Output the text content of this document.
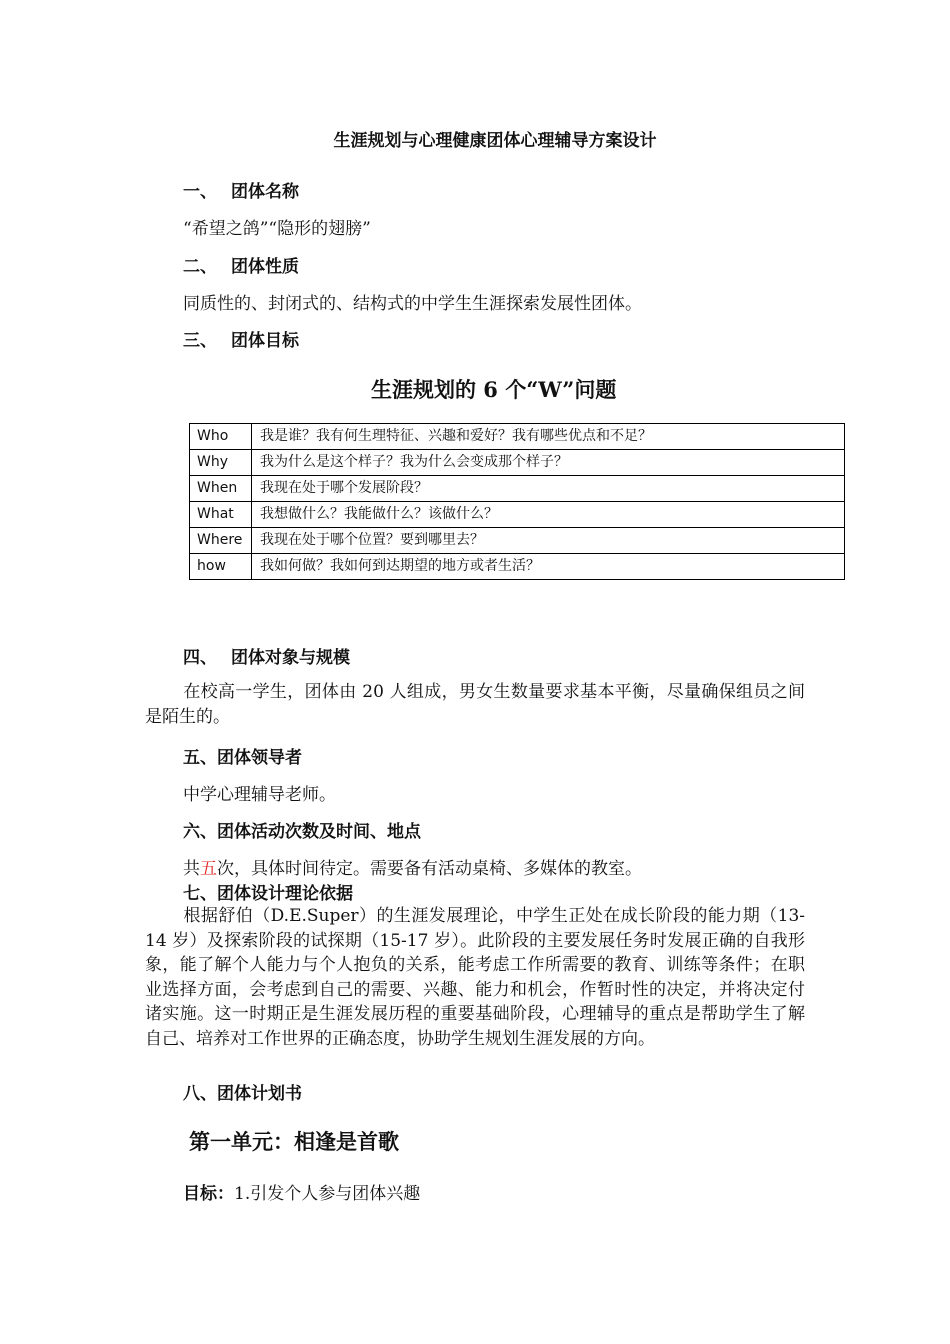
生涯规划与心理健康团体心理辅导方案设计
一、 团体名称
“希望之鸽”“隐形的翅膀”
二、 团体性质
同质性的、封闭式的、结构式的中学生生涯探索发展性团体。
三、 团体目标
生涯规划的 6 个“W”问题
Who	我是谁？我有何生理特征、兴趣和爱好？我有哪些优点和不足？
Why	我为什么是这个样子？我为什么会变成那个样子？
When	我现在处于哪个发展阶段？
What	我想做什么？我能做什么？该做什么？
Where	我现在处于哪个位置？要到哪里去？
how	我如何做？我如何到达期望的地方或者生活？
四、 团体对象与规模
在校高一学生，团体由 20 人组成，男女生数量要求基本平衡，尽量确保组员之间是陌生的。
五、团体领导者
中学心理辅导老师。
六、团体活动次数及时间、地点
共五次，具体时间待定。需要备有活动桌椅、多媒体的教室。
七、团体设计理论依据
根据舒伯（D.E.Super）的生涯发展理论，中学生正处在成长阶段的能力期（13-14 岁）及探索阶段的试探期（15-17 岁）。此阶段的主要发展任务时发展正确的自我形象，能了解个人能力与个人抱负的关系，能考虑工作所需要的教育、训练等条件；在职业选择方面，会考虑到自己的需要、兴趣、能力和机会，作暂时性的决定，并将决定付诸实施。这一时期正是生涯发展历程的重要基础阶段，心理辅导的重点是帮助学生了解自己、培养对工作世界的正确态度，协助学生规划生涯发展的方向。
八、团体计划书
第一单元：相逢是首歌
目标：1.引发个人参与团体兴趣
